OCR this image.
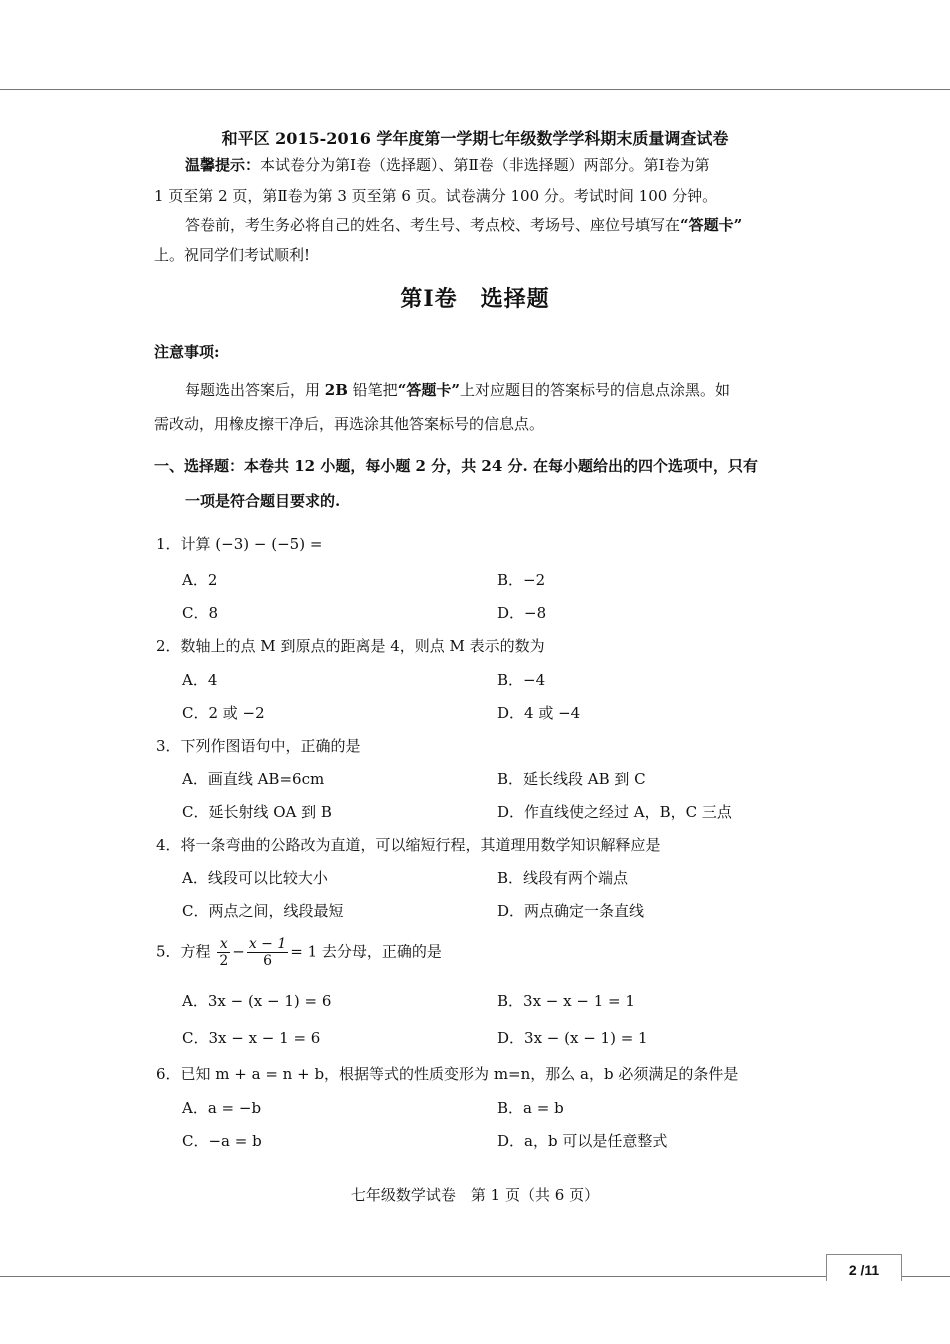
和平区 2015-2016 学年度第一学期七年级数学学科期末质量调查试卷
温馨提示：本试卷分为第Ⅰ卷（选择题）、第Ⅱ卷（非选择题）两部分。第Ⅰ卷为第
1 页至第 2 页，第Ⅱ卷为第 3 页至第 6 页。试卷满分 100 分。考试时间 100 分钟。
答卷前，考生务必将自己的姓名、考生号、考点校、考场号、座位号填写在“答题卡”
上。祝同学们考试顺利!
第Ⅰ卷　选择题
注意事项:
每题选出答案后，用 2B 铅笔把“答题卡”上对应题目的答案标号的信息点涂黑。如
需改动，用橡皮擦干净后，再选涂其他答案标号的信息点。
一、选择题：本卷共 12 小题，每小题 2 分，共 24 分. 在每小题给出的四个选项中，只有
一项是符合题目要求的.
1．计算 (−3) − (−5) =
A．2	B．−2
C．8	D．−8
2．数轴上的点 M 到原点的距离是 4，则点 M 表示的数为
A．4	B．−4
C．2 或 −2	D．4 或 −4
3．下列作图语句中，正确的是
A．画直线 AB=6cm	B．延长线段 AB 到 C
C．延长射线 OA 到 B	D．作直线使之经过 A，B，C 三点
4．将一条弯曲的公路改为直道，可以缩短行程，其道理用数学知识解释应是
A．线段可以比较大小	B．线段有两个端点
C．两点之间，线段最短	D．两点确定一条直线
5．方程 $\frac{x}{2} - \frac{x - 1}{6} = 1$ 去分母，正确的是
A．3x − (x − 1) = 6	B．3x − x − 1 = 1
C．3x − x − 1 = 6	D．3x − (x − 1) = 1
6．已知 m + a = n + b，根据等式的性质变形为 m=n，那么 a，b 必须满足的条件是
A．a = −b	B．a = b
C．−a = b	D．a，b 可以是任意整式
七年级数学试卷　第 1 页（共 6 页）
2 /11
